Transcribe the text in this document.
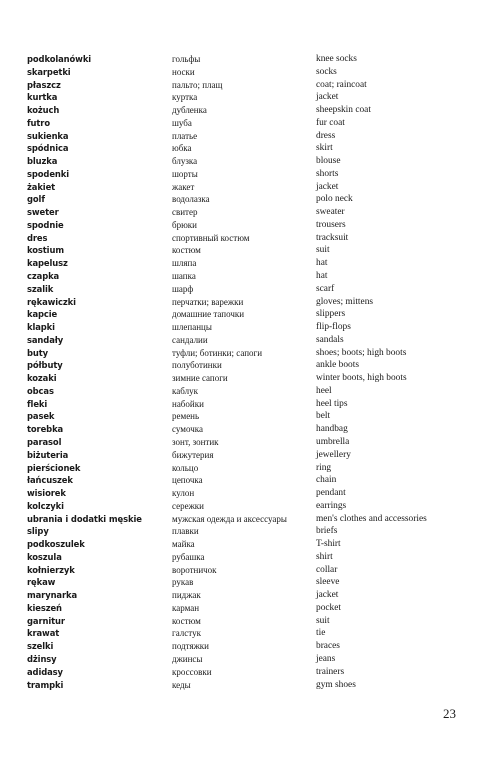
podkolanówki	гольфы	knee socks
skarpetki	носки	socks
płaszcz	пальто; плащ	coat; raincoat
kurtka	куртка	jacket
kożuch	дубленка	sheepskin coat
futro	шуба	fur coat
sukienka	платье	dress
spódnica	юбка	skirt
bluzka	блузка	blouse
spodenki	шорты	shorts
żakiet	жакет	jacket
golf	водолазка	polo neck
sweter	свитер	sweater
spodnie	брюки	trousers
dres	спортивный костюм	tracksuit
kostium	костюм	suit
kapelusz	шляпа	hat
czapka	шапка	hat
szalik	шарф	scarf
rękawiczki	перчатки; варежки	gloves; mittens
kapcie	домашние тапочки	slippers
klapki	шлепанцы	flip-flops
sandały	сандалии	sandals
buty	туфли; ботинки; сапоги	shoes; boots; high boots
półbuty	полуботинки	ankle boots
kozaki	зимние сапоги	winter boots, high boots
obcas	каблук	heel
fleki	набойки	heel tips
pasek	ремень	belt
torebka	сумочка	handbag
parasol	зонт, зонтик	umbrella
biżuteria	бижутерия	jewellery
pierścionek	кольцо	ring
łańcuszek	цепочка	chain
wisiorek	кулон	pendant
kolczyki	сережки	earrings
ubrania i dodatki męskie	мужская одежда и аксессуары	men's clothes and accessories
slipy	плавки	briefs
podkoszulek	майка	T-shirt
koszula	рубашка	shirt
kołnierzyk	воротничок	collar
rękaw	рукав	sleeve
marynarka	пиджак	jacket
kieszeń	карман	pocket
garnitur	костюм	suit
krawat	галстук	tie
szelki	подтяжки	braces
dżinsy	джинсы	jeans
adidasy	кроссовки	trainers
trampki	кеды	gym shoes
23
